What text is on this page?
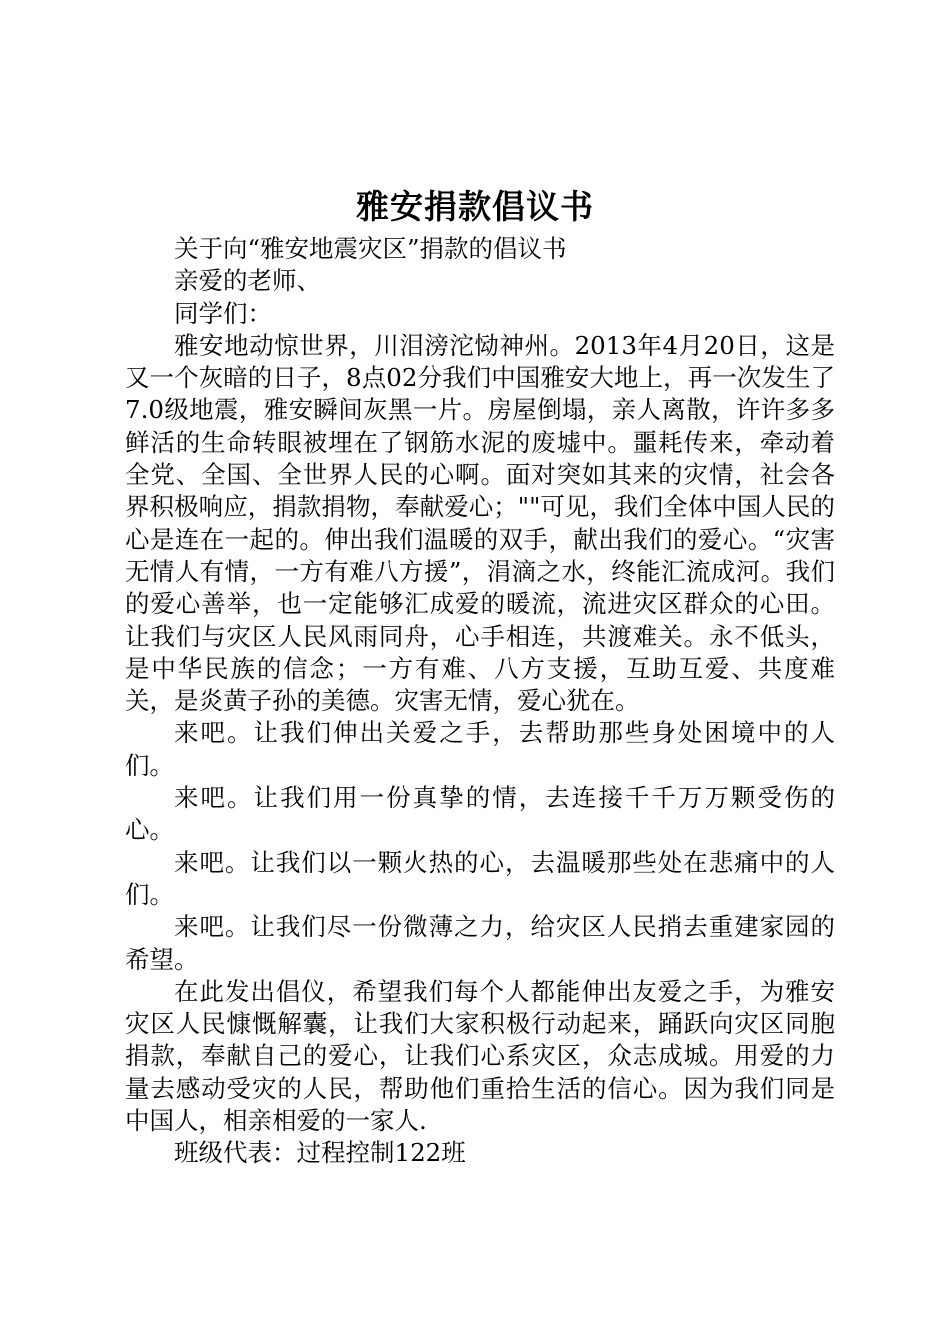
雅安捐款倡议书

关于向“雅安地震灾区”捐款的倡议书

亲爱的老师、

同学们：

雅安地动惊世界，川泪滂沱恸神州。2013年4月20日，这是又一个灰暗的日子，8点02分我们中国雅安大地上，再一次发生了7.0级地震，雅安瞬间灰黑一片。房屋倒塌，亲人离散，许许多多鲜活的生命转眼被埋在了钢筋水泥的废墟中。噩耗传来，牵动着全党、全国、全世界人民的心啊。面对突如其来的灾情，社会各界积极响应，捐款捐物，奉献爱心；""可见，我们全体中国人民的心是连在一起的。伸出我们温暖的双手，献出我们的爱心。“灾害无情人有情，一方有难八方援”，涓滴之水，终能汇流成河。我们的爱心善举，也一定能够汇成爱的暖流，流进灾区群众的心田。让我们与灾区人民风雨同舟，心手相连，共渡难关。永不低头，是中华民族的信念；一方有难、八方支援，互助互爱、共度难关，是炎黄子孙的美德。灾害无情，爱心犹在。

来吧。让我们伸出关爱之手，去帮助那些身处困境中的人们。

来吧。让我们用一份真挚的情，去连接千千万万颗受伤的心。

来吧。让我们以一颗火热的心，去温暖那些处在悲痛中的人们。

来吧。让我们尽一份微薄之力，给灾区人民捎去重建家园的希望。

在此发出倡仪，希望我们每个人都能伸出友爱之手，为雅安灾区人民慷慨解囊，让我们大家积极行动起来，踊跃向灾区同胞捐款，奉献自己的爱心，让我们心系灾区，众志成城。用爱的力量去感动受灾的人民，帮助他们重拾生活的信心。因为我们同是中国人，相亲相爱的一家人.

班级代表：过程控制122班
